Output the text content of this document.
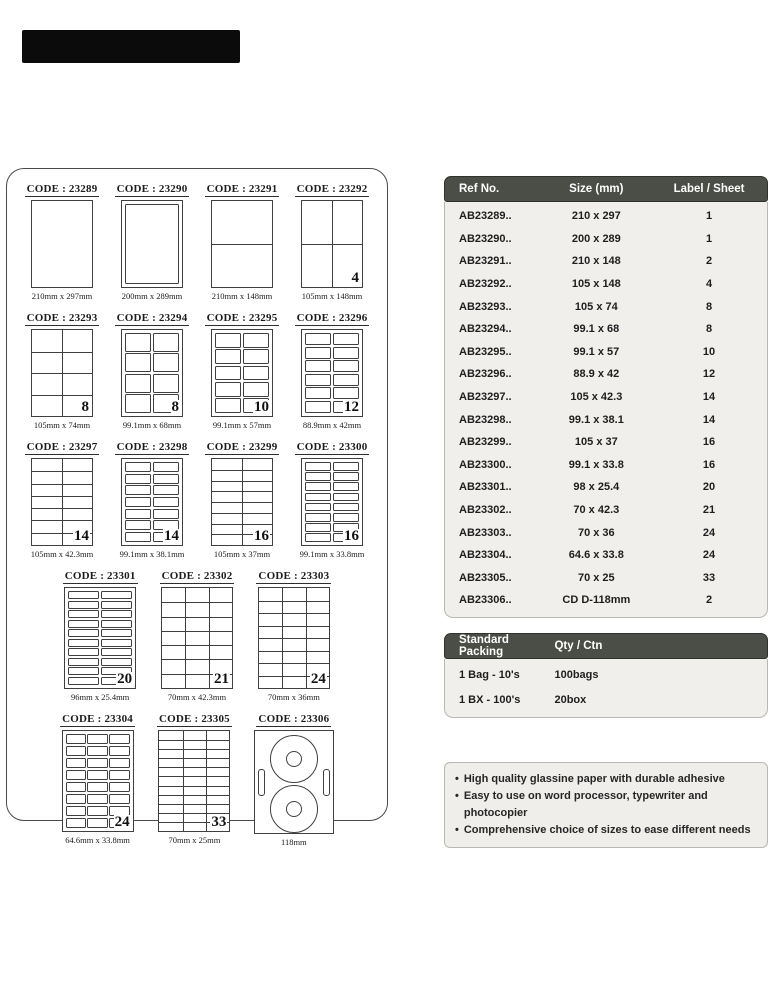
CODE : 23289
210mm x 297mm
CODE : 23290
200mm x 289mm
CODE : 23291
210mm x 148mm
CODE : 23292
4
105mm x 148mm
CODE : 23293
8
105mm x 74mm
CODE : 23294
8
99.1mm x 68mm
CODE : 23295
10
99.1mm x 57mm
CODE : 23296
12
88.9mm x 42mm
CODE : 23297
14
105mm x 42.3mm
CODE : 23298
14
99.1mm x 38.1mm
CODE : 23299
16
105mm x 37mm
CODE : 23300
16
99.1mm x 33.8mm
CODE : 23301
20
96mm x 25.4mm
CODE : 23302
21
70mm x 42.3mm
CODE : 23303
24
70mm x 36mm
CODE : 23304
24
64.6mm x 33.8mm
CODE : 23305
33
70mm x 25mm
CODE : 23306
118mm
Ref No.	Size (mm)	Label / Sheet
AB23289..	210 x 297	1
AB23290..	200 x 289	1
AB23291..	210 x 148	2
AB23292..	105 x 148	4
AB23293..	105 x 74	8
AB23294..	99.1 x 68	8
AB23295..	99.1 x 57	10
AB23296..	88.9 x 42	12
AB23297..	105 x 42.3	14
AB23298..	99.1 x 38.1	14
AB23299..	105 x 37	16
AB23300..	99.1 x 33.8	16
AB23301..	98 x 25.4	20
AB23302..	70 x 42.3	21
AB23303..	70 x 36	24
AB23304..	64.6 x 33.8	24
AB23305..	70 x 25	33
AB23306..	CD D-118mm	2
Standard Packing	Qty / Ctn
1 Bag - 10's	100bags
1 BX - 100's	20box
• High quality glassine paper with durable adhesive
• Easy to use on word processor, typewriter and photocopier
• Comprehensive choice of sizes to ease different needs
